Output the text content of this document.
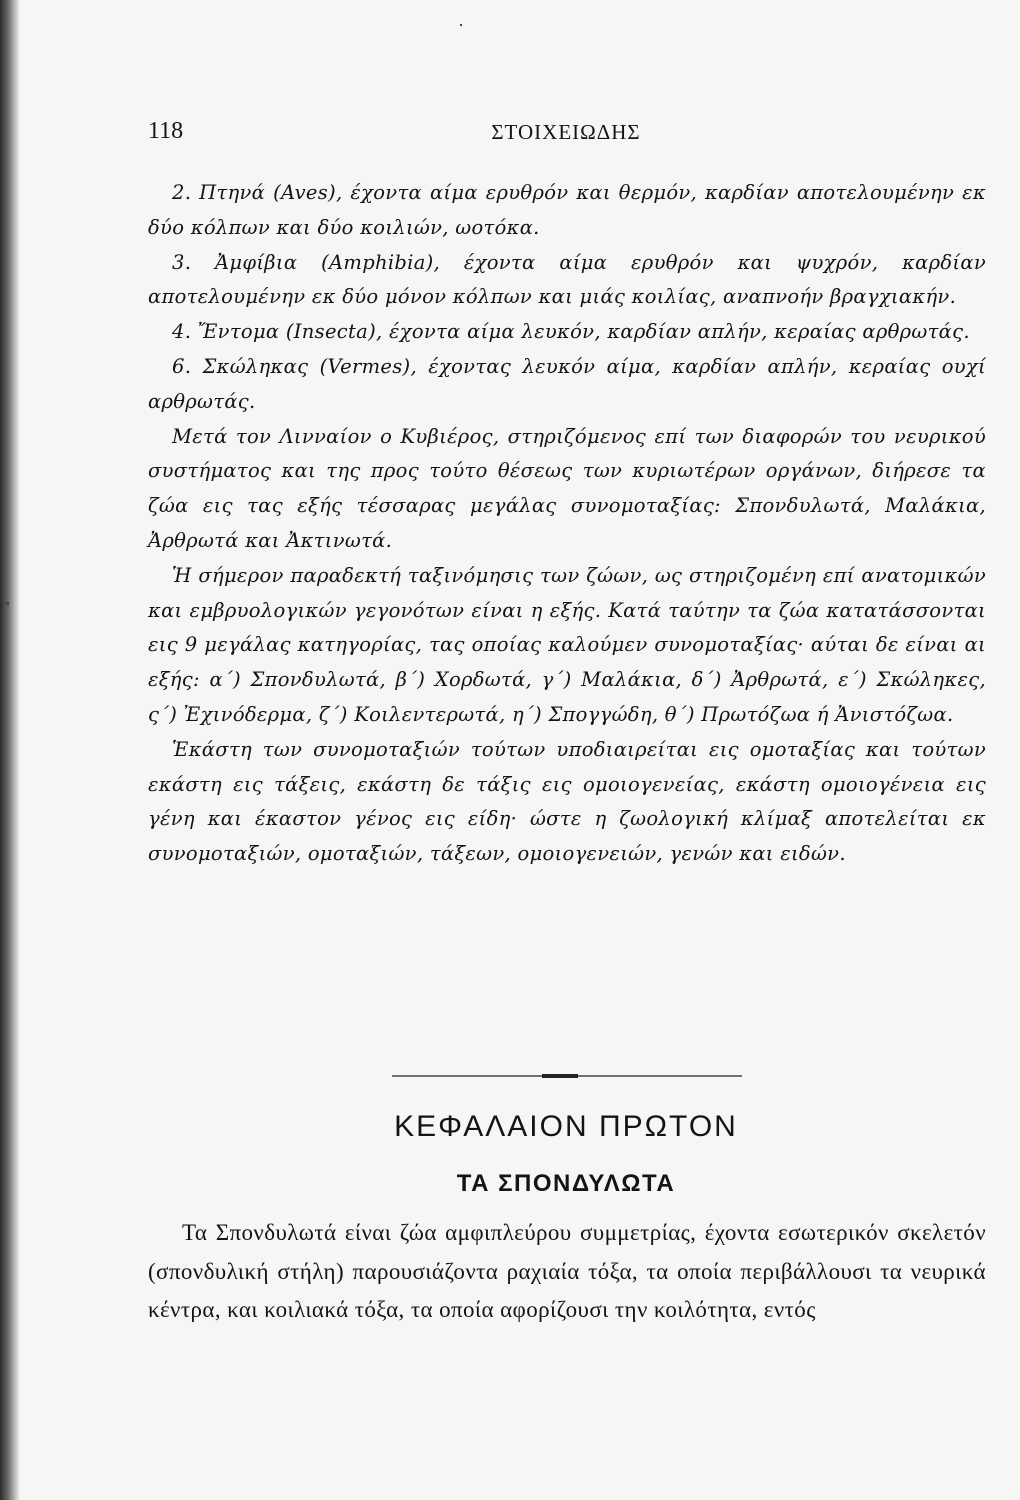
118	ΣΤΟΙΧΕΙΩΔΗΣ

2. Πτηνά (Aves), έχοντα αίμα ερυθρόν και θερμόν, καρδίαν αποτελουμένην εκ δύο κόλπων και δύο κοιλιών, ωοτόκα.

3. Ἀμφίβια (Amphibia), έχοντα αίμα ερυθρόν και ψυχρόν, καρδίαν αποτελουμένην εκ δύο μόνον κόλπων και μιάς κοιλίας, αναπνοήν βραγχιακήν.

4. Ἔντομα (Insecta), έχοντα αίμα λευκόν, καρδίαν απλήν, κεραίας αρθρωτάς.

6. Σκώληκας (Vermes), έχοντας λευκόν αίμα, καρδίαν απλήν, κεραίας ουχί αρθρωτάς.

Μετά τον Λινναίον ο Κυβιέρος, στηριζόμενος επί των διαφορών του νευρικού συστήματος και της προς τούτο θέσεως των κυριωτέρων οργάνων, διήρεσε τα ζώα εις τας εξής τέσσαρας μεγάλας συνομοταξίας: Σπονδυλωτά, Μαλάκια, Ἀρθρωτά και Ἀκτινωτά.

Ἡ σήμερον παραδεκτή ταξινόμησις των ζώων, ως στηριζομένη επί ανατομικών και εμβρυολογικών γεγονότων είναι η εξής. Κατά ταύτην τα ζώα κατατάσσονται εις 9 μεγάλας κατηγορίας, τας οποίας καλούμεν συνομοταξίας· αύται δε είναι αι εξής: α΄) Σπονδυλωτά, β΄) Χορδωτά, γ΄) Μαλάκια, δ΄) Ἀρθρωτά, ε΄) Σκώληκες, ς΄) Ἐχινόδερμα, ζ΄) Κοιλεντερωτά, η΄) Σπογγώδη, θ΄) Πρωτόζωα ή Ἀνιστόζωα.

Ἑκάστη των συνομοταξιών τούτων υποδιαιρείται εις ομοταξίας και τούτων εκάστη εις τάξεις, εκάστη δε τάξις εις ομοιογενείας, εκάστη ομοιογένεια εις γένη και έκαστον γένος εις είδη· ώστε η ζωολογική κλίμαξ αποτελείται εκ συνομοταξιών, ομοταξιών, τάξεων, ομοιογενειών, γενών και ειδών.

ΚΕΦΑΛΑΙΟΝ ΠΡΩΤΟΝ
ΤΑ ΣΠΟΝΔΥΛΩΤΑ

Τα Σπονδυλωτά είναι ζώα αμφιπλεύρου συμμετρίας, έχοντα εσωτερικόν σκελετόν (σπονδυλική στήλη) παρουσιάζοντα ραχιαία τόξα, τα οποία περιβάλλουσι τα νευρικά κέντρα, και κοιλιακά τόξα, τα οποία αφορίζουσι την κοιλότητα, εντός
